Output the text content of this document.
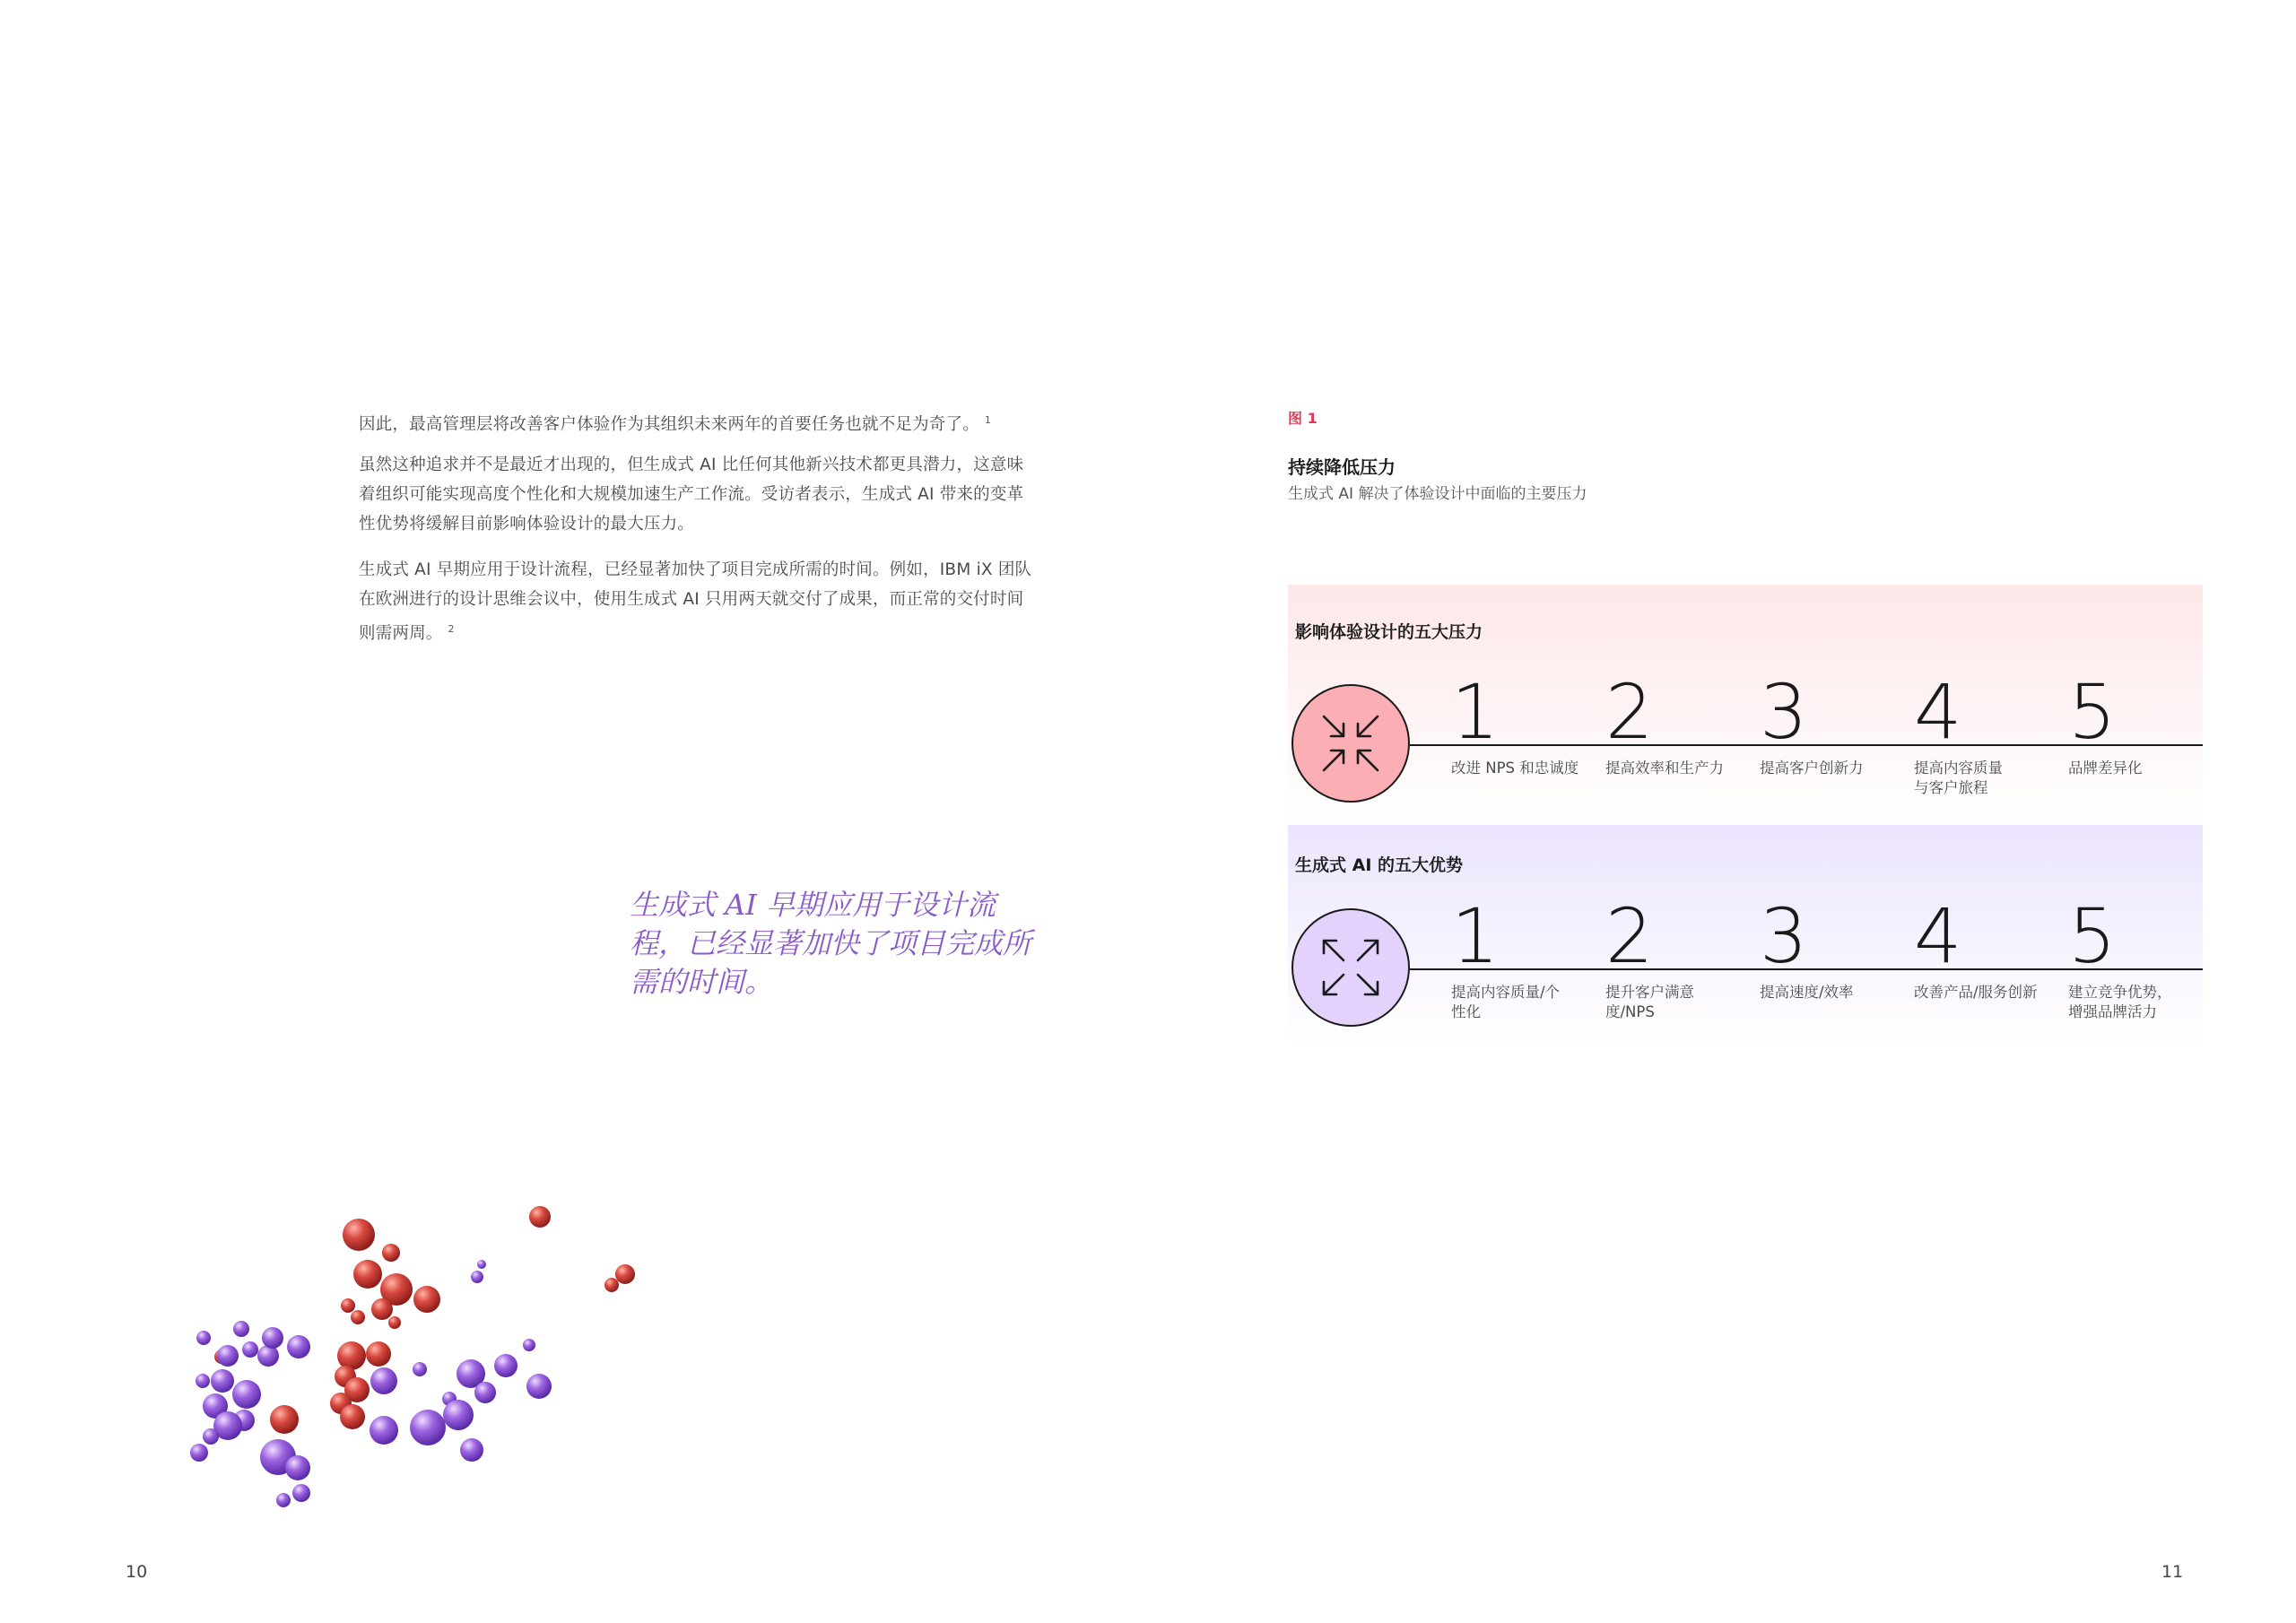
因此，最高管理层将改善客户体验作为其组织未来两年的首要任务也就不足为奇了。 $^1$
虽然这种追求并不是最近才出现的，但生成式 AI 比任何其他新兴技术都更具潜力，这意味着组织可能实现高度个性化和大规模加速生产工作流。受访者表示，生成式 AI 带来的变革性优势将缓解目前影响体验设计的最大压力。
生成式 AI 早期应用于设计流程，已经显著加快了项目完成所需的时间。例如，IBM iX 团队在欧洲进行的设计思维会议中，使用生成式 AI 只用两天就交付了成果，而正常的交付时间则需两周。 $^2$
生成式 AI 早期应用于设计流程，已经显著加快了项目完成所需的时间。
10
图 1
持续降低压力
生成式 AI 解决了体验设计中面临的主要压力
影响体验设计的五大压力
1
改进 NPS 和忠诚度
2
提高效率和生产力
3
提高客户创新力
4
提高内容质量与客户旅程
5
品牌差异化
生成式 AI 的五大优势
1
提高内容质量/个性化
2
提升客户满意度/NPS
3
提高速度/效率
4
改善产品/服务创新
5
建立竞争优势，增强品牌活力
11
